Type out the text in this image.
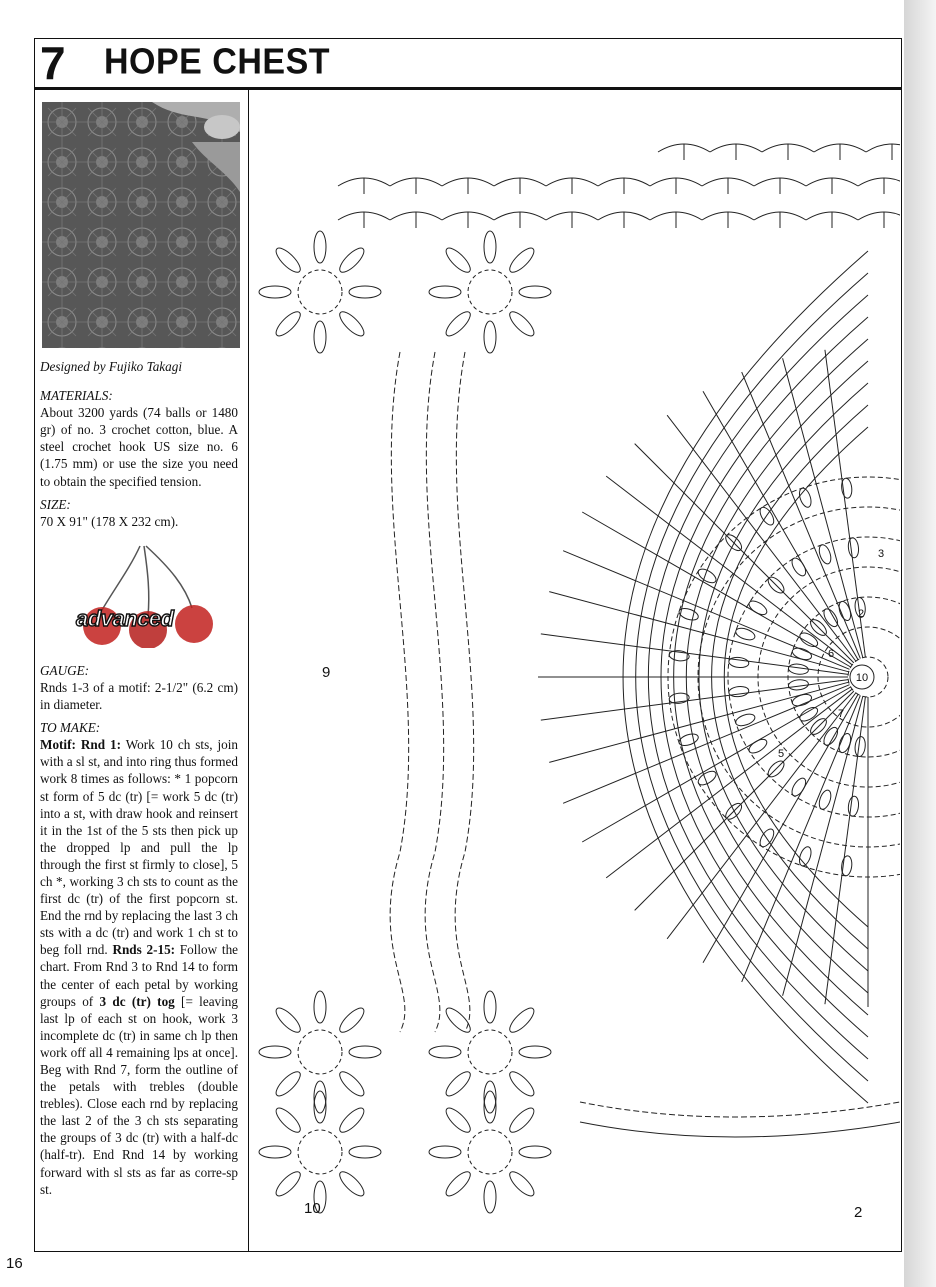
7	HOPE CHEST

Designed by Fujiko Takagi

MATERIALS:

About 3200 yards (74 balls or 1480 gr) of no. 3 crochet cotton, blue. A steel crochet hook US size no. 6 (1.75 mm) or use the size you need to obtain the specified tension.

SIZE:

70 X 91" (178 X 232 cm).

advanced

GAUGE:

Rnds 1-3 of a motif: 2-1/2" (6.2 cm) in diameter.

TO MAKE:

Motif: Rnd 1: Work 10 ch sts, join with a sl st, and into ring thus formed work 8 times as follows: * 1 popcorn st form of 5 dc (tr) [= work 5 dc (tr) into a st, with draw hook and reinsert it in the 1st of the 5 sts then pick up the dropped lp and pull the lp through the first st firmly to close], 5 ch *, working 3 ch sts to count as the first dc (tr) of the first popcorn st. End the rnd by replacing the last 3 ch sts with a dc (tr) and work 1 ch st to beg foll rnd. Rnds 2-15: Follow the chart. From Rnd 3 to Rnd 14 to form the center of each petal by working groups of 3 dc (tr) tog [= leaving last lp of each st on hook, work 3 incomplete dc (tr) in same ch lp then work off all 4 remaining lps at once]. Beg with Rnd 7, form the outline of the petals with trebles (double trebles). Close each rnd by replacing the last 2 of the 3 ch sts separating the groups of 3 dc (tr) with a half-dc (half-tr). End Rnd 14 by working forward with sl sts as far as corre-sp st.

10
6
7
2
3
5
9
10	2
16
